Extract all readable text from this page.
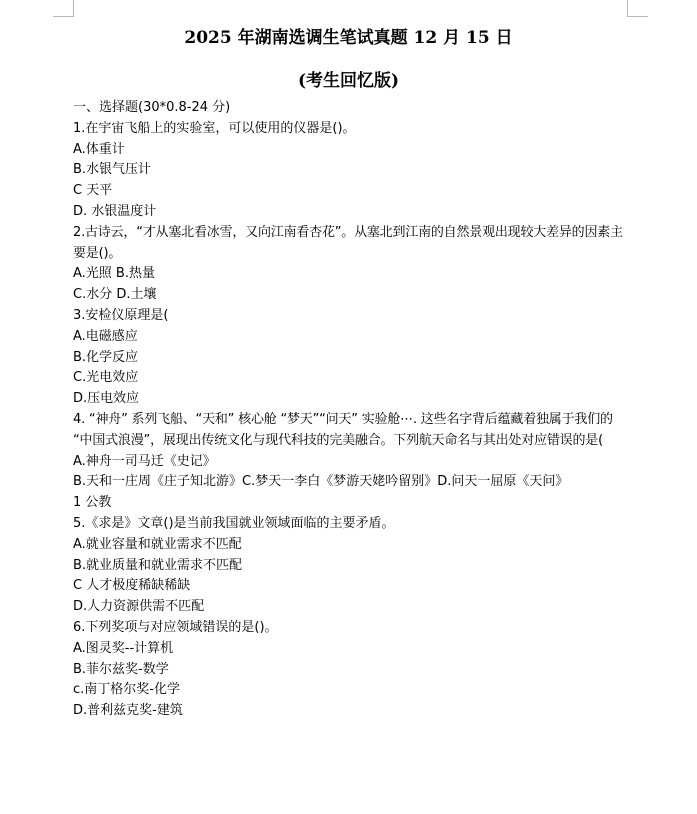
2025 年湖南选调生笔试真题 12 月 15 日
(考生回忆版)
一、选择题(30*0.8-24 分)
1.在宇宙飞船上的实验室，可以使用的仪器是()。
A.体重计
B.水银气压计
C 天平
D. 水银温度计
2.古诗云，“才从塞北看冰雪，又向江南看杏花”。从塞北到江南的自然景观出现较大差异的因素主要是()。
A.光照 B.热量
C.水分 D.土壤
3.安检仪原理是(
A.电磁感应
B.化学反应
C.光电效应
D.压电效应
4. “神舟” 系列飞船、“天和” 核心舱 “梦天”“问天” 实验舱⋯. 这些名字背后蕴藏着独属于我们的 “中国式浪漫”，展现出传统文化与现代科技的完美融合。下列航天命名与其出处对应错误的是(
A.神舟一司马迁《史记》
B.天和一庄周《庄子知北游》C.梦天一李白《梦游天姥吟留别》D.问天一屈原《天问》
1 公教
5.《求是》文章()是当前我国就业领域面临的主要矛盾。
A.就业容量和就业需求不匹配
B.就业质量和就业需求不匹配
C 人才极度稀缺稀缺
D.人力资源供需不匹配
6.下列奖项与对应领域错误的是()。
A.图灵奖--计算机
B.菲尔兹奖-数学
c.南丁格尔奖-化学
D.普利兹克奖-建筑
